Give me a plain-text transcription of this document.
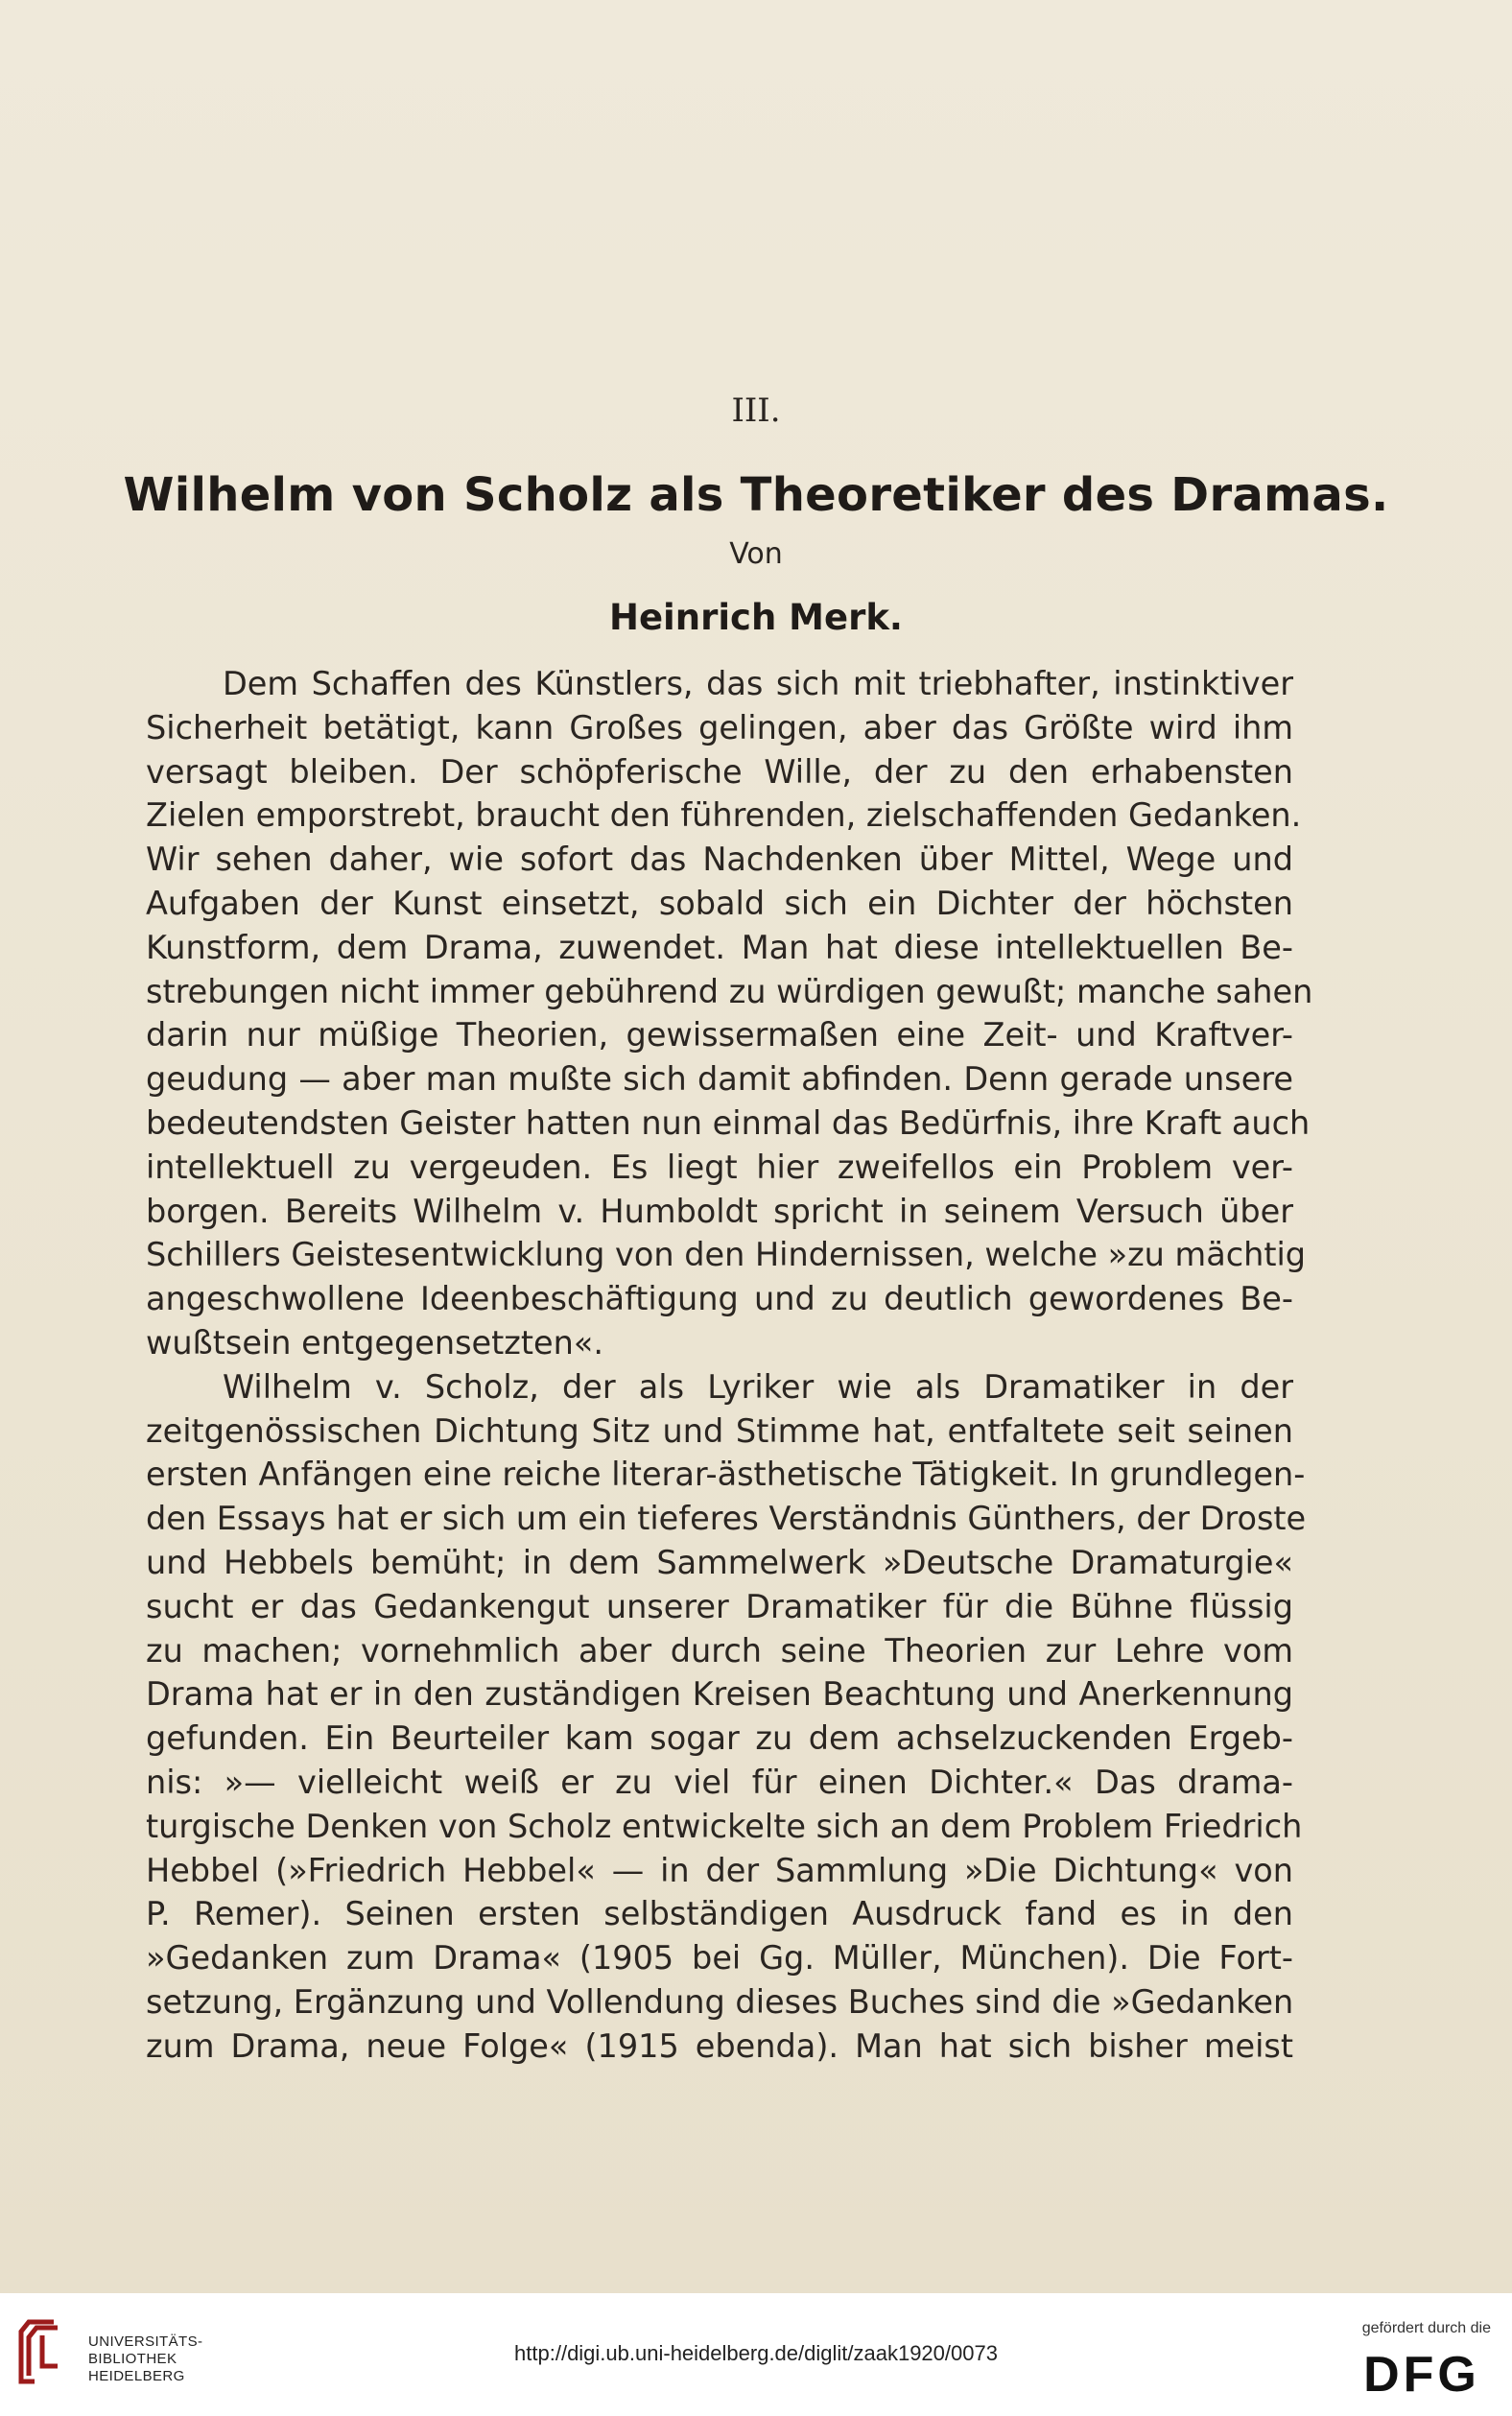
III.
Wilhelm von Scholz als Theoretiker des Dramas.
Von
Heinrich Merk.
Dem Schaffen des Künstlers, das sich mit triebhafter, instinktiver
Sicherheit betätigt, kann Großes gelingen, aber das Größte wird ihm
versagt bleiben. Der schöpferische Wille, der zu den erhabensten
Zielen emporstrebt, braucht den führenden, zielschaffenden Gedanken.
Wir sehen daher, wie sofort das Nachdenken über Mittel, Wege und
Aufgaben der Kunst einsetzt, sobald sich ein Dichter der höchsten
Kunstform, dem Drama, zuwendet. Man hat diese intellektuellen Be-
strebungen nicht immer gebührend zu würdigen gewußt; manche sahen
darin nur müßige Theorien, gewissermaßen eine Zeit- und Kraftver-
geudung — aber man mußte sich damit abfinden. Denn gerade unsere
bedeutendsten Geister hatten nun einmal das Bedürfnis, ihre Kraft auch
intellektuell zu vergeuden. Es liegt hier zweifellos ein Problem ver-
borgen. Bereits Wilhelm v. Humboldt spricht in seinem Versuch über
Schillers Geistesentwicklung von den Hindernissen, welche »zu mächtig
angeschwollene Ideenbeschäftigung und zu deutlich gewordenes Be-
wußtsein entgegensetzten«.
Wilhelm v. Scholz, der als Lyriker wie als Dramatiker in der
zeitgenössischen Dichtung Sitz und Stimme hat, entfaltete seit seinen
ersten Anfängen eine reiche literar-ästhetische Tätigkeit. In grundlegen-
den Essays hat er sich um ein tieferes Verständnis Günthers, der Droste
und Hebbels bemüht; in dem Sammelwerk »Deutsche Dramaturgie«
sucht er das Gedankengut unserer Dramatiker für die Bühne flüssig
zu machen; vornehmlich aber durch seine Theorien zur Lehre vom
Drama hat er in den zuständigen Kreisen Beachtung und Anerkennung
gefunden. Ein Beurteiler kam sogar zu dem achselzuckenden Ergeb-
nis: »— vielleicht weiß er zu viel für einen Dichter.« Das drama-
turgische Denken von Scholz entwickelte sich an dem Problem Friedrich
Hebbel (»Friedrich Hebbel« — in der Sammlung »Die Dichtung« von
P. Remer). Seinen ersten selbständigen Ausdruck fand es in den
»Gedanken zum Drama« (1905 bei Gg. Müller, München). Die Fort-
setzung, Ergänzung und Vollendung dieses Buches sind die »Gedanken
zum Drama, neue Folge« (1915 ebenda). Man hat sich bisher meist
UNIVERSITÄTS-
BIBLIOTHEK
HEIDELBERG
http://digi.ub.uni-heidelberg.de/diglit/zaak1920/0073
gefördert durch die
DFG
